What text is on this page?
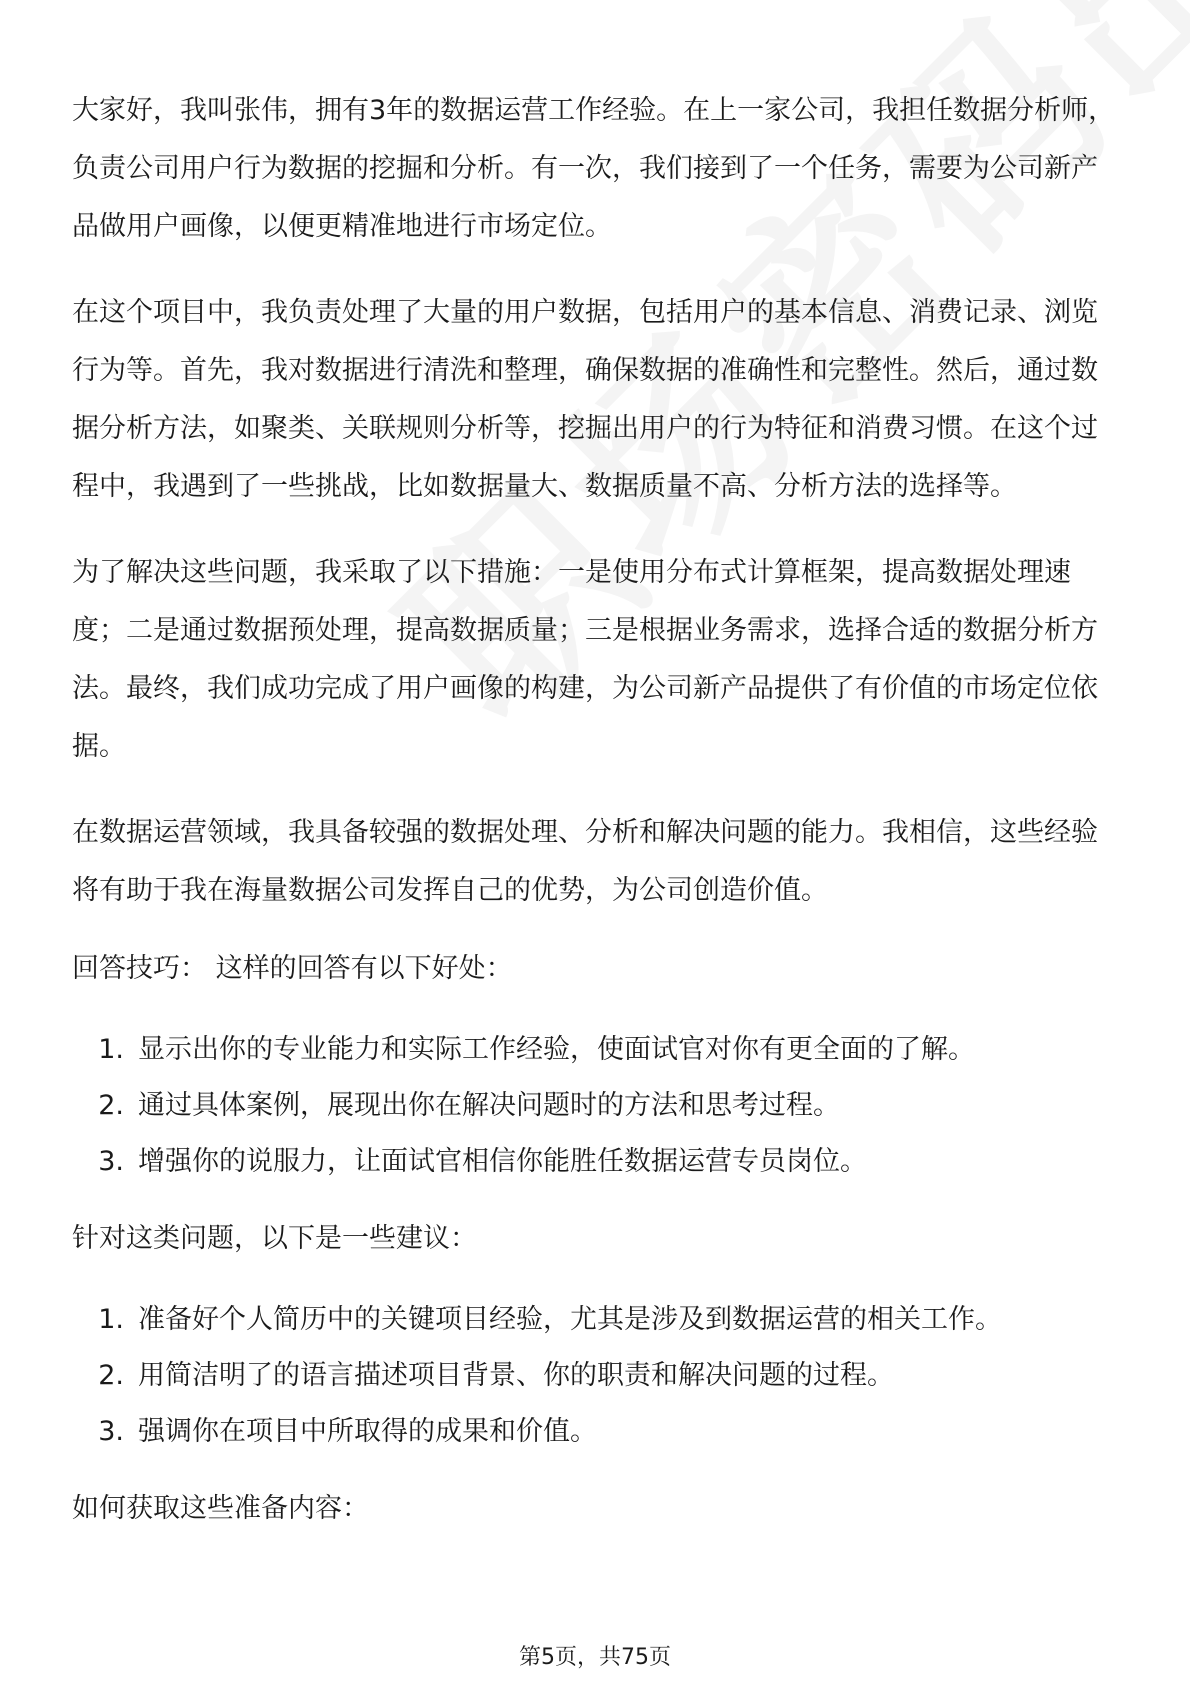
大家好，我叫张伟，拥有3年的数据运营工作经验。在上一家公司，我担任数据分析师，负责公司用户行为数据的挖掘和分析。有一次，我们接到了一个任务，需要为公司新产品做用户画像，以便更精准地进行市场定位。

在这个项目中，我负责处理了大量的用户数据，包括用户的基本信息、消费记录、浏览行为等。首先，我对数据进行清洗和整理，确保数据的准确性和完整性。然后，通过数据分析方法，如聚类、关联规则分析等，挖掘出用户的行为特征和消费习惯。在这个过程中，我遇到了一些挑战，比如数据量大、数据质量不高、分析方法的选择等。

为了解决这些问题，我采取了以下措施：一是使用分布式计算框架，提高数据处理速度；二是通过数据预处理，提高数据质量；三是根据业务需求，选择合适的数据分析方法。最终，我们成功完成了用户画像的构建，为公司新产品提供了有价值的市场定位依据。

在数据运营领域，我具备较强的数据处理、分析和解决问题的能力。我相信，这些经验将有助于我在海量数据公司发挥自己的优势，为公司创造价值。

回答技巧： 这样的回答有以下好处：

1. 显示出你的专业能力和实际工作经验，使面试官对你有更全面的了解。
2. 通过具体案例，展现出你在解决问题时的方法和思考过程。
3. 增强你的说服力，让面试官相信你能胜任数据运营专员岗位。

针对这类问题，以下是一些建议：

1. 准备好个人简历中的关键项目经验，尤其是涉及到数据运营的相关工作。
2. 用简洁明了的语言描述项目背景、你的职责和解决问题的过程。
3. 强调你在项目中所取得的成果和价值。

如何获取这些准备内容：

第5页，共75页
